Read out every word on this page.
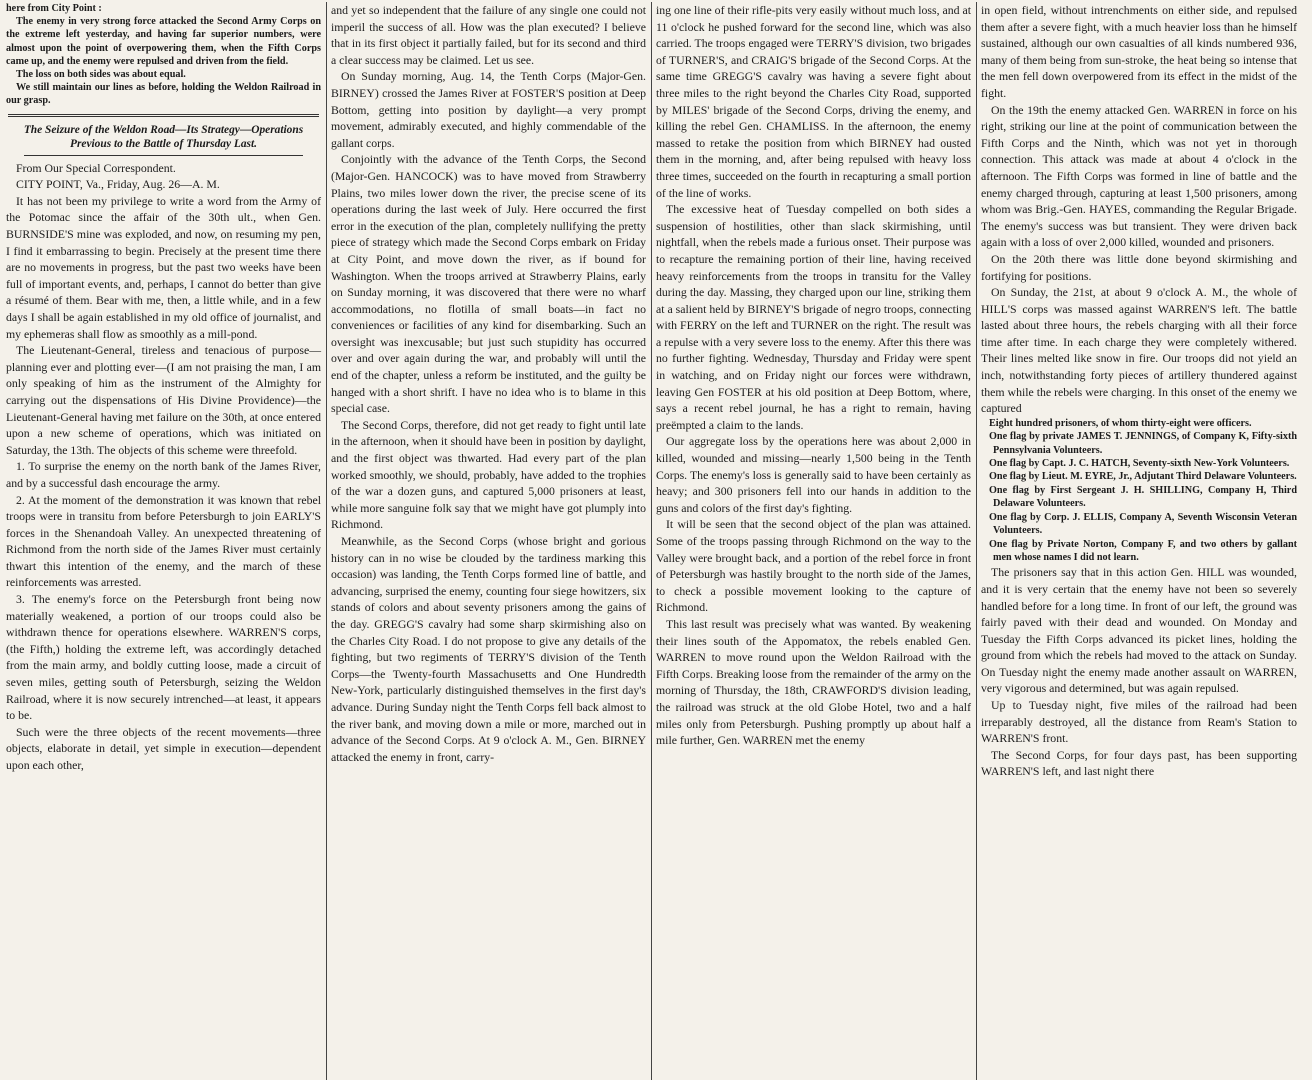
here from City Point :

The enemy in very strong force attacked the Second Army Corps on the extreme left yesterday, and having far superior numbers, were almost upon the point of overpowering them, when the Fifth Corps came up, and the enemy were repulsed and driven from the field.

The loss on both sides was about equal.

We still maintain our lines as before, holding the Weldon Railroad in our grasp.

The Seizure of the Weldon Road—Its Strategy—Operations Previous to the Battle of Thursday Last.

From Our Special Correspondent.

CITY POINT, Va., Friday, Aug. 26—A. M.

It has not been my privilege to write a word from the Army of the Potomac since the affair of the 30th ult., when Gen. BURNSIDE'S mine was exploded, and now, on resuming my pen, I find it embarrassing to begin. Precisely at the present time there are no movements in progress, but the past two weeks have been full of important events, and, perhaps, I cannot do better than give a résumé of them. Bear with me, then, a little while, and in a few days I shall be again established in my old office of journalist, and my ephemeras shall flow as smoothly as a mill-pond.

The Lieutenant-General, tireless and tenacious of purpose—planning ever and plotting ever—(I am not praising the man, I am only speaking of him as the instrument of the Almighty for carrying out the dispensations of His Divine Providence)—the Lieutenant-General having met failure on the 30th, at once entered upon a new scheme of operations, which was initiated on Saturday, the 13th. The objects of this scheme were threefold.

1. To surprise the enemy on the north bank of the James River, and by a successful dash encourage the army.

2. At the moment of the demonstration it was known that rebel troops were in transitu from before Petersburgh to join EARLY'S forces in the Shenandoah Valley. An unexpected threatening of Richmond from the north side of the James River must certainly thwart this intention of the enemy, and the march of these reinforcements was arrested.

3. The enemy's force on the Petersburgh front being now materially weakened, a portion of our troops could also be withdrawn thence for operations elsewhere. WARREN'S corps, (the Fifth,) holding the extreme left, was accordingly detached from the main army, and boldly cutting loose, made a circuit of seven miles, getting south of Petersburgh, seizing the Weldon Railroad, where it is now securely intrenched—at least, it appears to be.

Such were the three objects of the recent movements—three objects, elaborate in detail, yet simple in execution—dependent upon each other,

and yet so independent that the failure of any single one could not imperil the success of all. How was the plan executed? I believe that in its first object it partially failed, but for its second and third a clear success may be claimed. Let us see.

On Sunday morning, Aug. 14, the Tenth Corps (Major-Gen. BIRNEY) crossed the James River at FOSTER'S position at Deep Bottom, getting into position by daylight—a very prompt movement, admirably executed, and highly commendable of the gallant corps.

Conjointly with the advance of the Tenth Corps, the Second (Major-Gen. HANCOCK) was to have moved from Strawberry Plains, two miles lower down the river, the precise scene of its operations during the last week of July. Here occurred the first error in the execution of the plan, completely nullifying the pretty piece of strategy which made the Second Corps embark on Friday at City Point, and move down the river, as if bound for Washington. When the troops arrived at Strawberry Plains, early on Sunday morning, it was discovered that there were no wharf accommodations, no flotilla of small boats—in fact no conveniences or facilities of any kind for disembarking. Such an oversight was inexcusable; but just such stupidity has occurred over and over again during the war, and probably will until the end of the chapter, unless a reform be instituted, and the guilty be hanged with a short shrift. I have no idea who is to blame in this special case.

The Second Corps, therefore, did not get ready to fight until late in the afternoon, when it should have been in position by daylight, and the first object was thwarted. Had every part of the plan worked smoothly, we should, probably, have added to the trophies of the war a dozen guns, and captured 5,000 prisoners at least, while more sanguine folk say that we might have got plumply into Richmond.

Meanwhile, as the Second Corps (whose bright and gorious history can in no wise be clouded by the tardiness marking this occasion) was landing, the Tenth Corps formed line of battle, and advancing, surprised the enemy, counting four siege howitzers, six stands of colors and about seventy prisoners among the gains of the day. GREGG'S cavalry had some sharp skirmishing also on the Charles City Road. I do not propose to give any details of the fighting, but two regiments of TERRY'S division of the Tenth Corps—the Twenty-fourth Massachusetts and One Hundredth New-York, particularly distinguished themselves in the first day's advance. During Sunday night the Tenth Corps fell back almost to the river bank, and moving down a mile or more, marched out in advance of the Second Corps. At 9 o'clock A. M., Gen. BIRNEY attacked the enemy in front, carry-

ing one line of their rifle-pits very easily without much loss, and at 11 o'clock he pushed forward for the second line, which was also carried. The troops engaged were TERRY'S division, two brigades of TURNER'S, and CRAIG'S brigade of the Second Corps. At the same time GREGG'S cavalry was having a severe fight about three miles to the right beyond the Charles City Road, supported by MILES' brigade of the Second Corps, driving the enemy, and killing the rebel Gen. CHAMLISS. In the afternoon, the enemy massed to retake the position from which BIRNEY had ousted them in the morning, and, after being repulsed with heavy loss three times, succeeded on the fourth in recapturing a small portion of the line of works.

The excessive heat of Tuesday compelled on both sides a suspension of hostilities, other than slack skirmishing, until nightfall, when the rebels made a furious onset. Their purpose was to recapture the remaining portion of their line, having received heavy reinforcements from the troops in transitu for the Valley during the day. Massing, they charged upon our line, striking them at a salient held by BIRNEY'S brigade of negro troops, connecting with FERRY on the left and TURNER on the right. The result was a repulse with a very severe loss to the enemy. After this there was no further fighting. Wednesday, Thursday and Friday were spent in watching, and on Friday night our forces were withdrawn, leaving Gen FOSTER at his old position at Deep Bottom, where, says a recent rebel journal, he has a right to remain, having preëmpted a claim to the lands.

Our aggregate loss by the operations here was about 2,000 in killed, wounded and missing—nearly 1,500 being in the Tenth Corps. The enemy's loss is generally said to have been certainly as heavy; and 300 prisoners fell into our hands in addition to the guns and colors of the first day's fighting.

It will be seen that the second object of the plan was attained. Some of the troops passing through Richmond on the way to the Valley were brought back, and a portion of the rebel force in front of Petersburgh was hastily brought to the north side of the James, to check a possible movement looking to the capture of Richmond.

This last result was precisely what was wanted. By weakening their lines south of the Appomatox, the rebels enabled Gen. WARREN to move round upon the Weldon Railroad with the Fifth Corps. Breaking loose from the remainder of the army on the morning of Thursday, the 18th, CRAWFORD'S division leading, the railroad was struck at the old Globe Hotel, two and a half miles only from Petersburgh. Pushing promptly up about half a mile further, Gen. WARREN met the enemy

in open field, without intrenchments on either side, and repulsed them after a severe fight, with a much heavier loss than he himself sustained, although our own casualties of all kinds numbered 936, many of them being from sun-stroke, the heat being so intense that the men fell down overpowered from its effect in the midst of the fight.

On the 19th the enemy attacked Gen. WARREN in force on his right, striking our line at the point of communication between the Fifth Corps and the Ninth, which was not yet in thorough connection. This attack was made at about 4 o'clock in the afternoon. The Fifth Corps was formed in line of battle and the enemy charged through, capturing at least 1,500 prisoners, among whom was Brig.-Gen. HAYES, commanding the Regular Brigade. The enemy's success was but transient. They were driven back again with a loss of over 2,000 killed, wounded and prisoners.

On the 20th there was little done beyond skirmishing and fortifying for positions.

On Sunday, the 21st, at about 9 o'clock A. M., the whole of HILL'S corps was massed against WARREN'S left. The battle lasted about three hours, the rebels charging with all their force time after time. In each charge they were completely withered. Their lines melted like snow in fire. Our troops did not yield an inch, notwithstanding forty pieces of artillery thundered against them while the rebels were charging. In this onset of the enemy we captured

Eight hundred prisoners, of whom thirty-eight were officers.

One flag by private JAMES T. JENNINGS, of Company K, Fifty-sixth Pennsylvania Volunteers.

One flag by Capt. J. C. HATCH, Seventy-sixth New-York Volunteers.

One flag by Lieut. M. EYRE, Jr., Adjutant Third Delaware Volunteers.

One flag by First Sergeant J. H. SHILLING, Company H, Third Delaware Volunteers.

One flag by Corp. J. ELLIS, Company A, Seventh Wisconsin Veteran Volunteers.

One flag by Private Norton, Company F, and two others by gallant men whose names I did not learn.

The prisoners say that in this action Gen. HILL was wounded, and it is very certain that the enemy have not been so severely handled before for a long time. In front of our left, the ground was fairly paved with their dead and wounded. On Monday and Tuesday the Fifth Corps advanced its picket lines, holding the ground from which the rebels had moved to the attack on Sunday. On Tuesday night the enemy made another assault on WARREN, very vigorous and determined, but was again repulsed.

Up to Tuesday night, five miles of the railroad had been irreparably destroyed, all the distance from Ream's Station to WARREN'S front.

The Second Corps, for four days past, has been supporting WARREN'S left, and last night there
